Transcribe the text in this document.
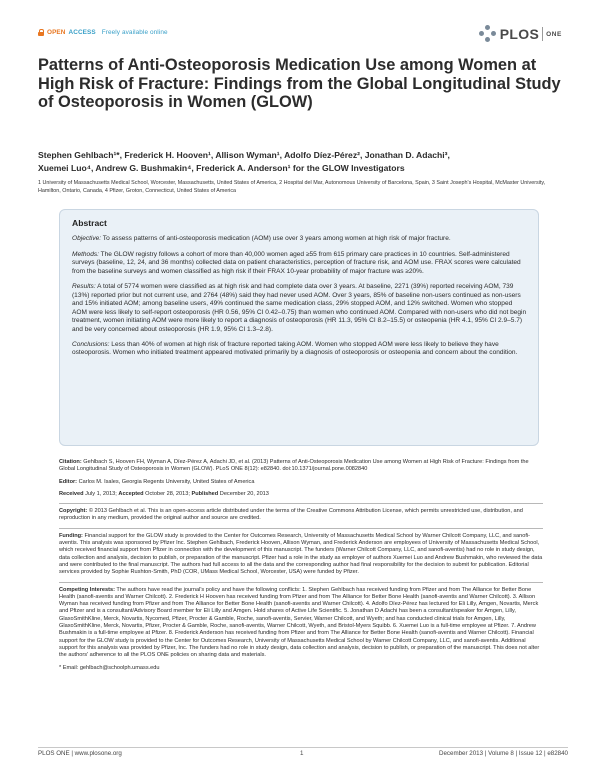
OPEN ACCESS Freely available online	PLOS ONE
Patterns of Anti-Osteoporosis Medication Use among Women at High Risk of Fracture: Findings from the Global Longitudinal Study of Osteoporosis in Women (GLOW)
Stephen Gehlbach¹*, Frederick H. Hooven¹, Allison Wyman¹, Adolfo Díez-Pérez², Jonathan D. Adachi³,
Xuemei Luo⁴, Andrew G. Bushmakin⁴, Frederick A. Anderson¹ for the GLOW Investigators
1 University of Massachusetts Medical School, Worcester, Massachusetts, United States of America, 2 Hospital del Mar, Autonomous University of Barcelona, Spain, 3 Saint Joseph's Hospital, McMaster University, Hamilton, Ontario, Canada, 4 Pfizer, Groton, Connecticut, United States of America
Abstract

Objective: To assess patterns of anti-osteoporosis medication (AOM) use over 3 years among women at high risk of major fracture.

Methods: The GLOW registry follows a cohort of more than 40,000 women aged ≥55 from 615 primary care practices in 10 countries. Self-administered surveys (baseline, 12, 24, and 36 months) collected data on patient characteristics, perception of fracture risk, and AOM use. FRAX scores were calculated from the baseline surveys and women classified as high risk if their FRAX 10-year probability of major fracture was ≥20%.

Results: A total of 5774 women were classified as at high risk and had complete data over 3 years. At baseline, 2271 (39%) reported receiving AOM, 739 (13%) reported prior but not current use, and 2764 (48%) said they had never used AOM. Over 3 years, 85% of baseline non-users continued as non-users and 15% initiated AOM; among baseline users, 49% continued the same medication class, 29% stopped AOM, and 12% switched. Women who stopped AOM were less likely to self-report osteoporosis (HR 0.56, 95% CI 0.42–0.75) than women who continued AOM. Compared with non-users who did not begin treatment, women initiating AOM were more likely to report a diagnosis of osteoporosis (HR 11.3, 95% CI 8.2–15.5) or osteopenia (HR 4.1, 95% CI 2.9–5.7) and be very concerned about osteoporosis (HR 1.9, 95% CI 1.3–2.8).

Conclusions: Less than 40% of women at high risk of fracture reported taking AOM. Women who stopped AOM were less likely to believe they have osteoporosis. Women who initiated treatment appeared motivated primarily by a diagnosis of osteoporosis or osteopenia and concern about the condition.

Citation: Gehlbach S, Hooven FH, Wyman A, Díez-Pérez A, Adachi JD, et al. (2013) Patterns of Anti-Osteoporosis Medication Use among Women at High Risk of Fracture: Findings from the Global Longitudinal Study of Osteoporosis in Women (GLOW). PLoS ONE 8(12): e82840. doi:10.1371/journal.pone.0082840

Editor: Carlos M. Isales, Georgia Regents University, United States of America

Received July 1, 2013; Accepted October 28, 2013; Published December 20, 2013

Copyright: © 2013 Gehlbach et al. This is an open-access article distributed under the terms of the Creative Commons Attribution License, which permits unrestricted use, distribution, and reproduction in any medium, provided the original author and source are credited.

Funding: Financial support for the GLOW study is provided to the Center for Outcomes Research, University of Massachusetts Medical School by Warner Chilcott Company, LLC, and sanofi-aventis. This analysis was sponsored by Pfizer Inc. Stephen Gehlbach, Frederick Hooven, Allison Wyman, and Frederick Anderson are employees of University of Massachusetts Medical School, which received financial support from Pfizer in connection with the development of this manuscript. The funders (Warner Chilcott Company, LLC, and sanofi-aventis) had no role in study design, data collection and analysis, decision to publish, or preparation of the manuscript. Pfizer had a role in the study as employer of authors Xuemei Luo and Andrew Bushmakin, who reviewed the data and were contributed to the final manuscript. The authors had full access to all the data and the corresponding author had final responsibility for the decision to submit for publication. Editorial services provided by Sophie Rushton-Smith, PhD (COR, UMass Medical School, Worcester, USA) were funded by Pfizer.

Competing Interests: The authors have read the journal's policy and have the following conflicts: 1. Stephen Gehlbach has received funding from Pfizer and from The Alliance for Better Bone Health (sanofi-aventis and Warner Chilcott). 2. Frederick H Hooven has received funding from Pfizer and from The Alliance for Better Bone Health (sanofi-aventis and Warner Chilcott). 3. Allison Wyman has received funding from Pfizer and from The Alliance for Better Bone Health (sanofi-aventis and Warner Chilcott). 4. Adolfo Díez-Pérez has lectured for Eli Lilly, Amgen, Novartis, Merck and Pfizer and is a consultant/Advisory Board member for Eli Lilly and Amgen. Hold shares of Active Life Scientific. 5. Jonathan D Adachi has been a consultant/speaker for Amgen, Lilly, GlaxoSmithKline, Merck, Novartis, Nycomed, Pfizer, Procter & Gamble, Roche, sanofi-aventis, Servier, Warner Chilcott, and Wyeth; and has conducted clinical trials for Amgen, Lilly, GlaxoSmithKline, Merck, Novartis, Pfizer, Procter & Gamble, Roche, sanofi-aventis, Warner Chilcott, Wyeth, and Bristol-Myers Squibb. 6. Xuemei Luo is a full-time employee at Pfizer. 7. Andrew Bushmakin is a full-time employee at Pfizer. 8. Frederick Anderson has received funding from Pfizer and from The Alliance for Better Bone Health (sanofi-aventis and Warner Chilcott). Financial support for the GLOW study is provided to the Center for Outcomes Research, University of Massachusetts Medical School by Warner Chilcott Company, LLC, and sanofi-aventis. Additional support for this analysis was provided by Pfizer, Inc. The funders had no role in study design, data collection and analysis, decision to publish, or preparation of the manuscript. This does not alter the authors' adherence to all the PLOS ONE policies on sharing data and materials.

* Email: gehlbach@schoolph.umass.edu

PLOS ONE | www.plosone.org	1	December 2013 | Volume 8 | Issue 12 | e82840
